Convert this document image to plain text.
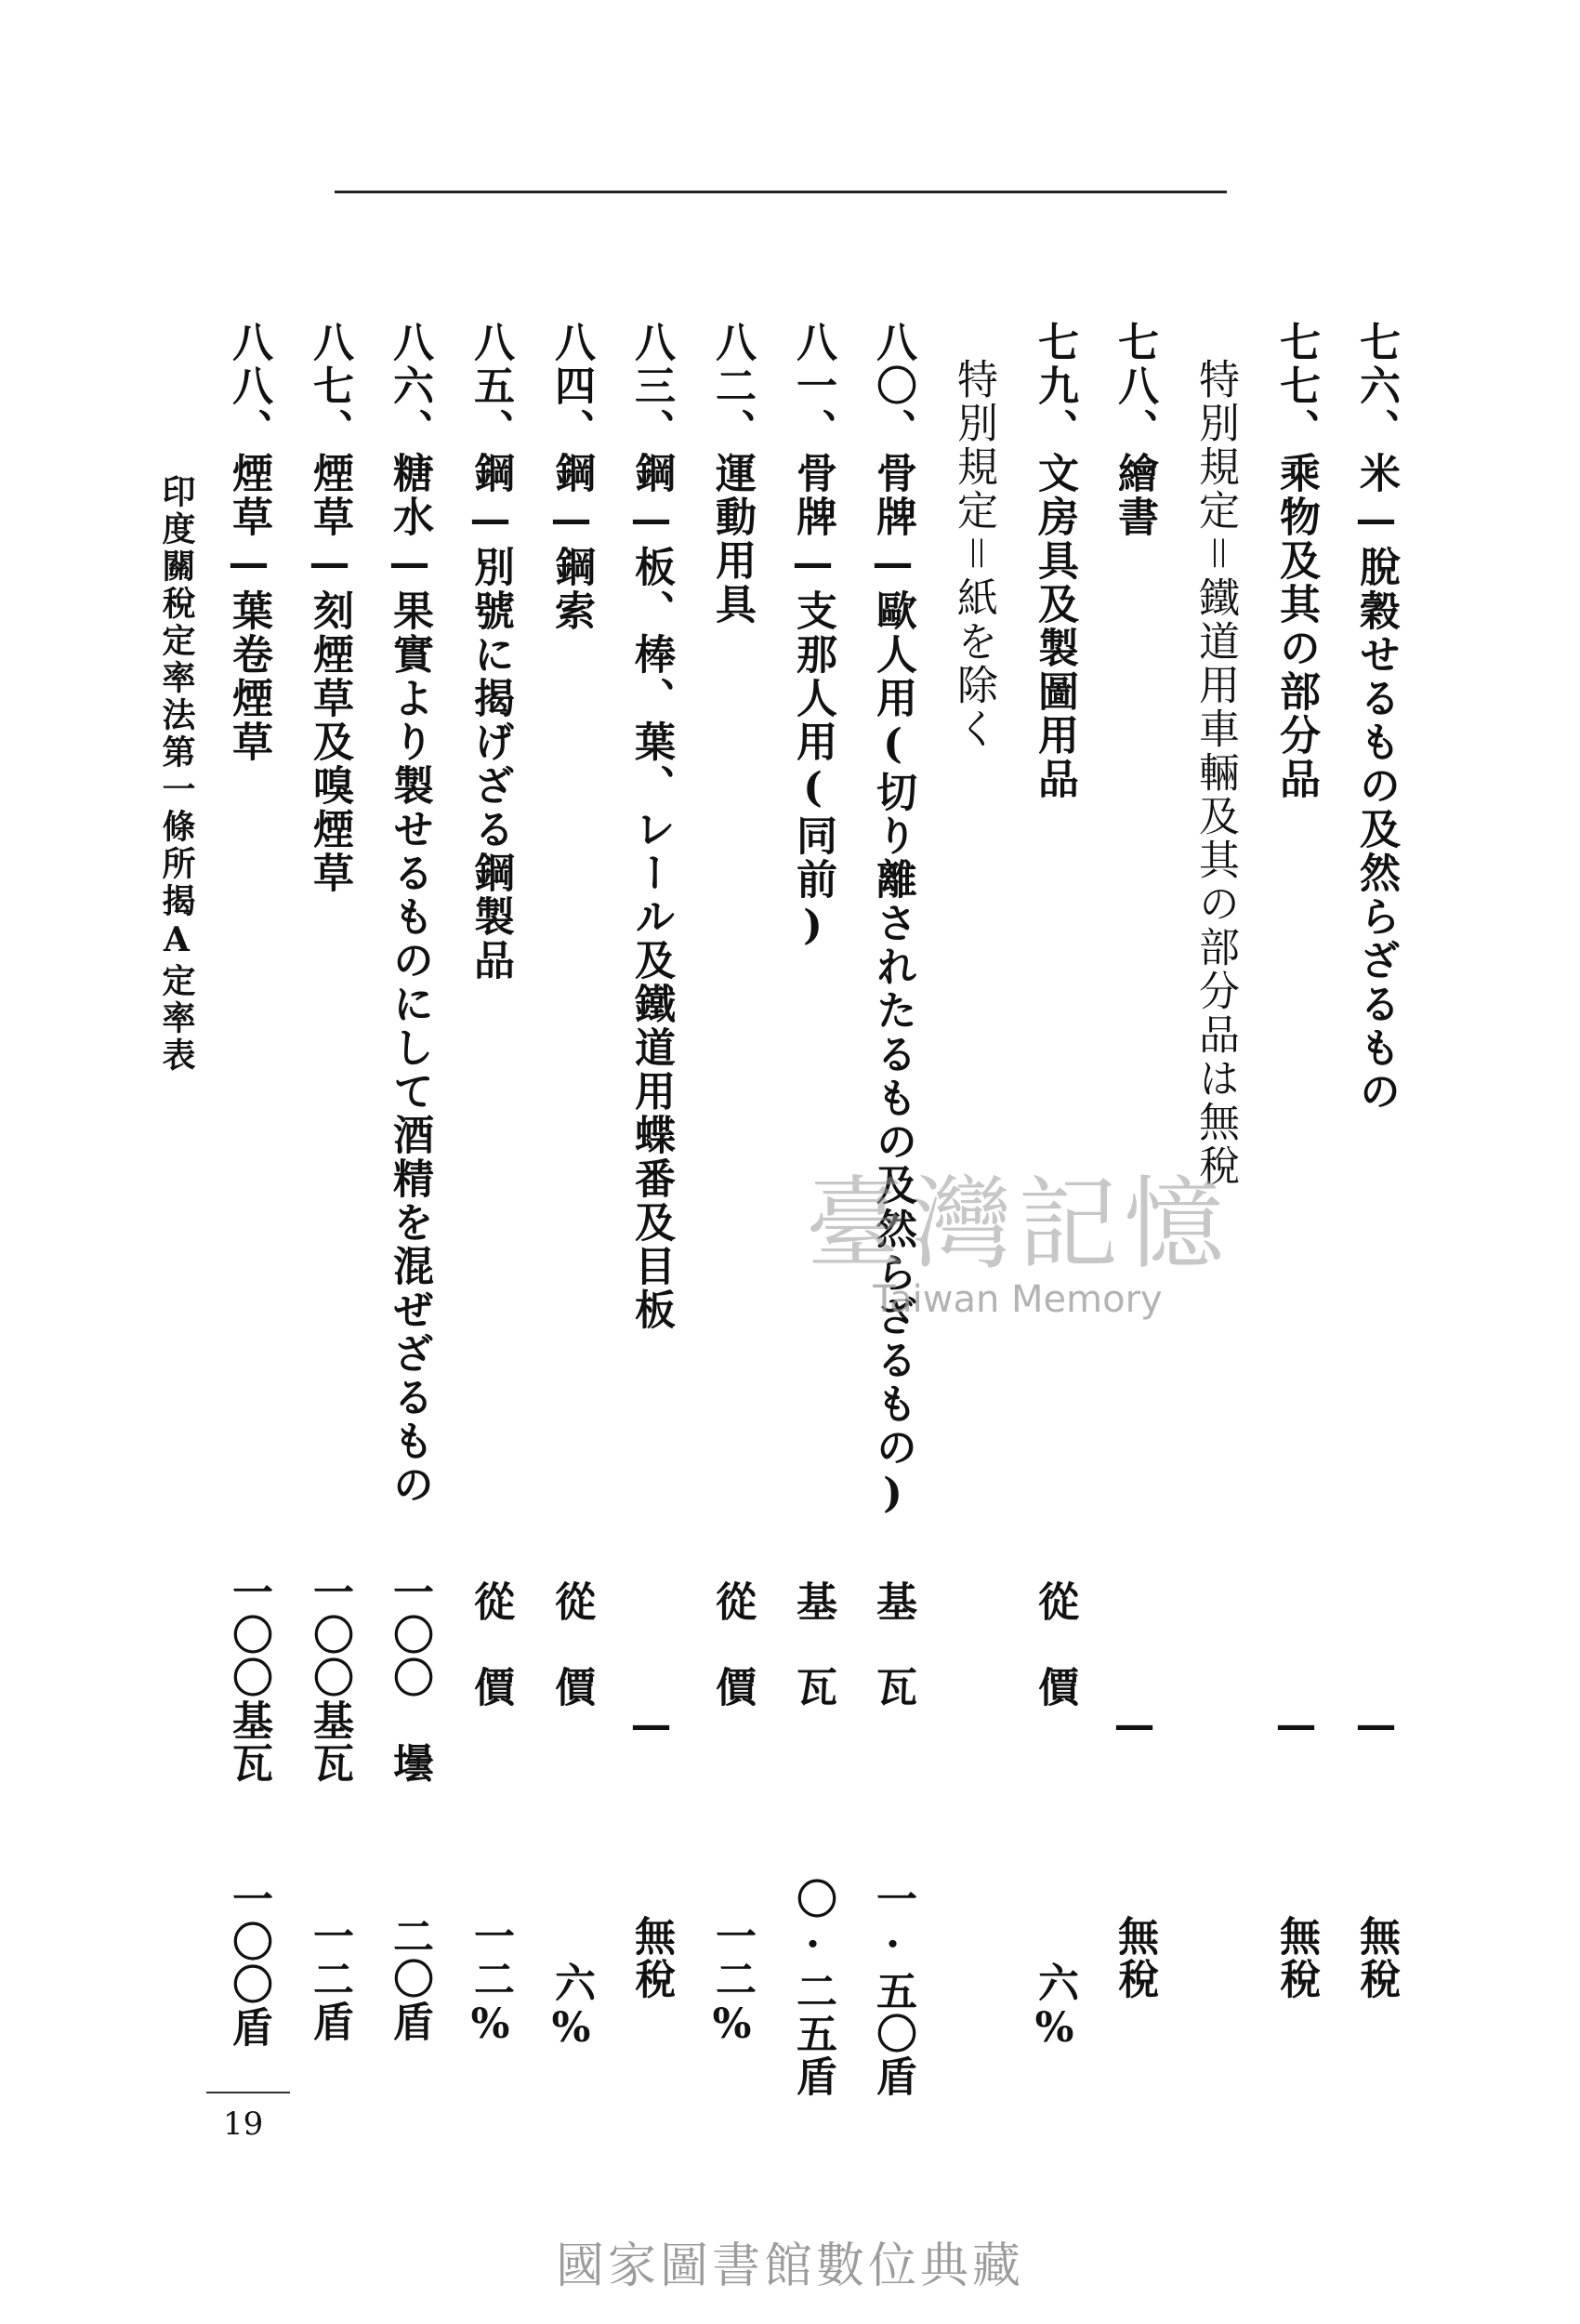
七六、米—脫穀せるもの及然らざるもの
七七、乘物及其の部分品
特別規定＝鐵道用車輛及其の部分品は無稅
七八、繪書
七九、文房具及製圖用品
特別規定＝紙を除く
八〇、骨牌—歐人用(切り離されたるもの及然らざるもの)
八一、骨牌—支那人用(同前)
八二、運動用具
八三、鋼—板、棒、葉、レール及鐵道用蝶番及目板
八四、鋼—鋼索
八五、鋼—別號に揭げざる鋼製品
八六、糖水—果實より製せるものにして酒精を混ぜざるもの
八七、煙草—刻煙草及嗅煙草
八八、煙草—葉卷煙草
—
—
—
從　價
基　瓦
基　瓦
從　價
—
從　價
從　價
一〇〇　壜
一〇〇基瓦
一〇〇基瓦
無稅
無稅
無稅
六%
一·五〇盾
〇·二五盾
一二%
無稅
六%
一二%
二〇盾
一二盾
一〇〇盾
印度關稅定率法第一條所揭A定率表
19
臺灣記憶
Taiwan Memory
國家圖書館數位典藏
